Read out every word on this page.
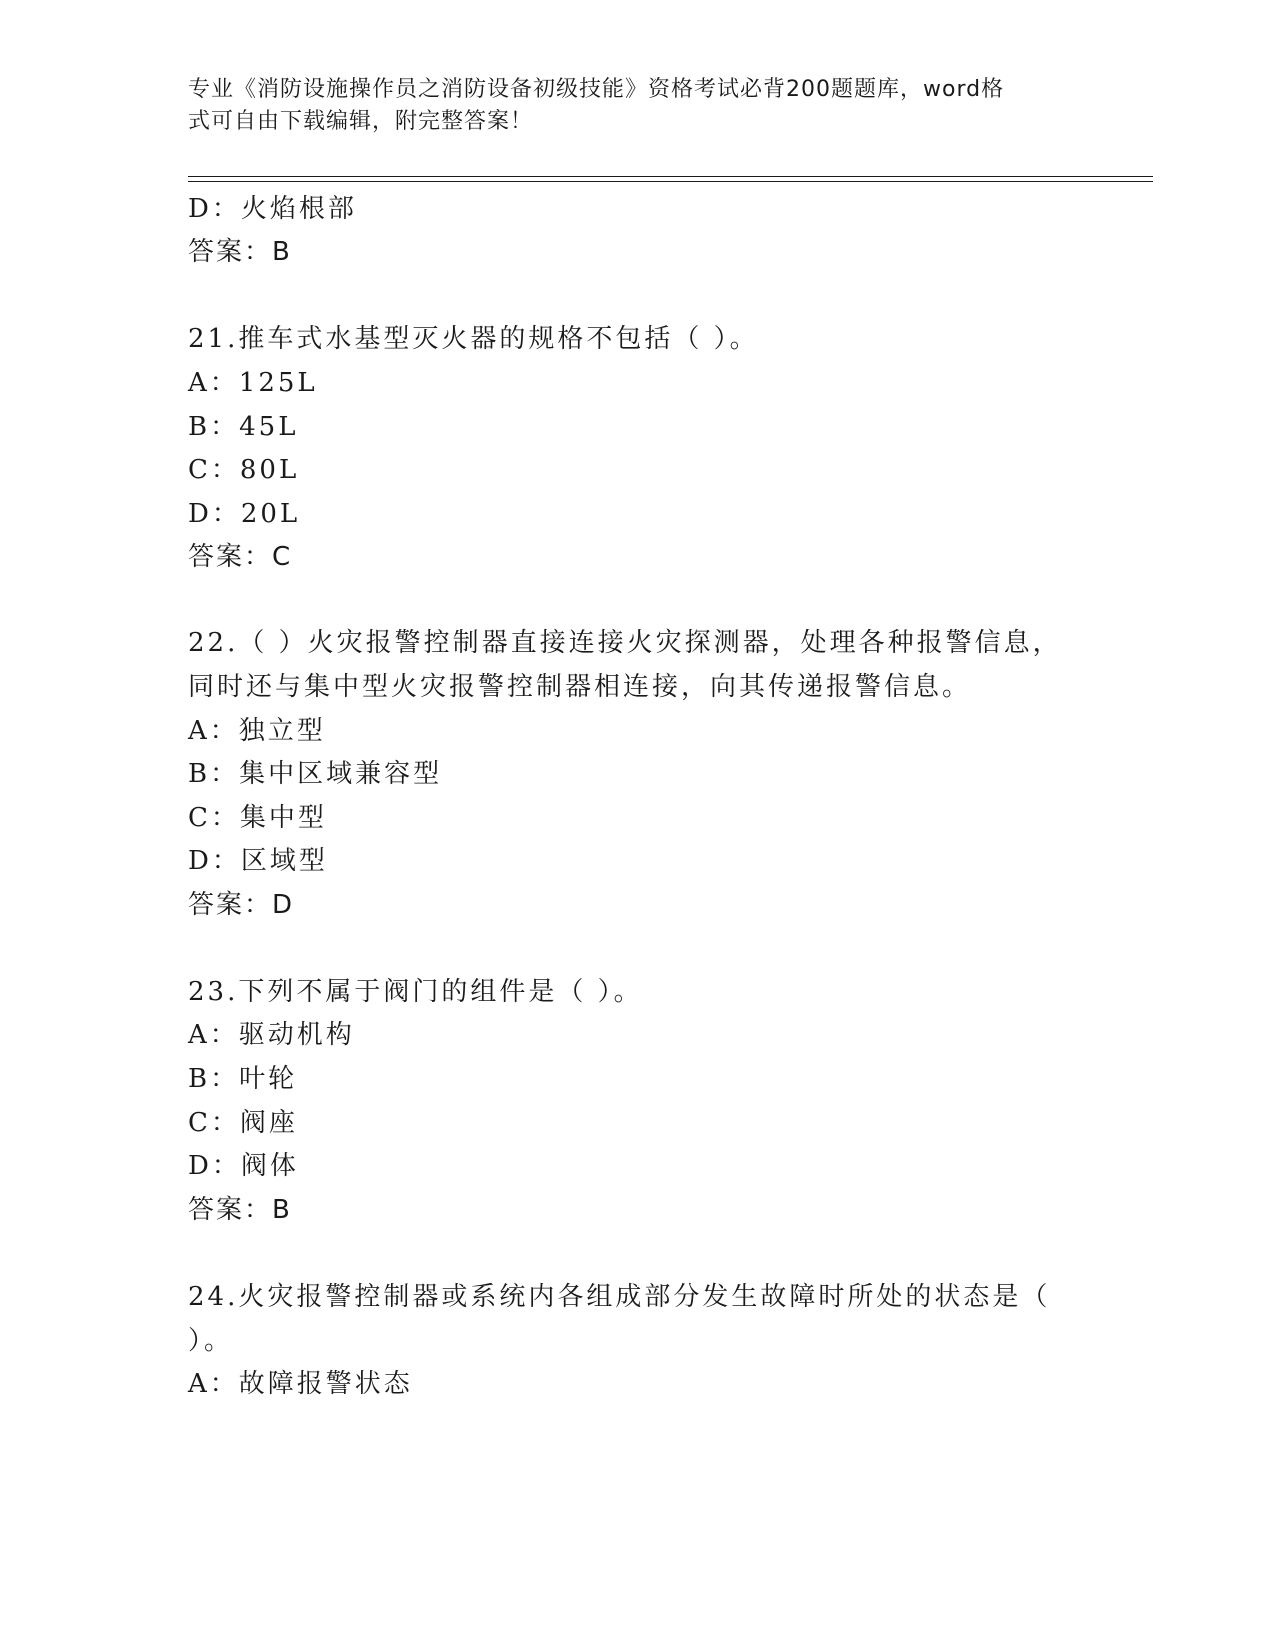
专业《消防设施操作员之消防设备初级技能》资格考试必背200题题库，word格
式可自由下载编辑，附完整答案！
D：火焰根部
答案：B
21.推车式水基型灭火器的规格不包括（ ）。
A：125L
B：45L
C：80L
D：20L
答案：C
22.（ ）火灾报警控制器直接连接火灾探测器，处理各种报警信息，
同时还与集中型火灾报警控制器相连接，向其传递报警信息。
A：独立型
B：集中区域兼容型
C：集中型
D：区域型
答案：D
23.下列不属于阀门的组件是（ ）。
A：驱动机构
B：叶轮
C：阀座
D：阀体
答案：B
24.火灾报警控制器或系统内各组成部分发生故障时所处的状态是（
）。
A：故障报警状态
